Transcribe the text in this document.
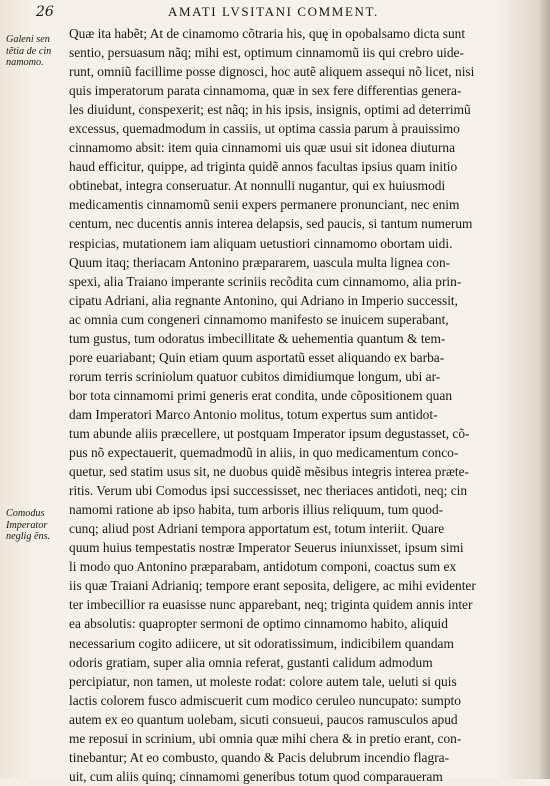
26	AMATI LVSITANI COMMENT.
Galeni sen tẽtia de cin namomo.
Comodus Imperator neglig ẽns.
Quæ ita habẽt; At de cinamomo cõtraria his, quę in opobalsamo dicta sunt
sentio, persuasum nãq; mihi est, optimum cinnamomũ iis qui crebro uide-
runt, omniũ facillime posse dignosci, hoc autẽ aliquem assequi nõ licet, nisi
quis imperatorum parata cinnamoma, quæ in sex fere differentias genera-
les diuidunt, conspexerit; est nãq; in his ipsis, insignis, optimi ad deterrimũ
excessus, quemadmodum in cassiis, ut optima cassia parum à prauissimo
cinnamomo absit: item quia cinnamomi uis quæ usui sit idonea diuturna
haud efficitur, quippe, ad triginta quidẽ annos facultas ipsius quam initio
obtinebat, integra conseruatur. At nonnulli nugantur, qui ex huiusmodi
medicamentis cinnamomũ senii expers permanere pronunciant, nec enim
centum, nec ducentis annis interea delapsis, sed paucis, si tantum numerum
respicias, mutationem iam aliquam uetustiori cinnamomo obortam uidi.
Quum itaq; theriacam Antonino præpararem, uascula multa lignea con-
spexi, alia Traiano imperante scriniis recõdita cum cinnamomo, alia prin-
cipatu Adriani, alia regnante Antonino, qui Adriano in Imperio successit,
ac omnia cum congeneri cinnamomo manifesto se inuicem superabant,
tum gustus, tum odoratus imbecillitate & uehementia quantum & tem-
pore euariabant; Quin etiam quum asportatũ esset aliquando ex barba-
rorum terris scriniolum quatuor cubitos dimidiumque longum, ubi ar-
bor tota cinnamomi primi generis erat condita, unde cõpositionem quan
dam Imperatori Marco Antonio molitus, totum expertus sum antidot-
tum abunde aliis præcellere, ut postquam Imperator ipsum degustasset, cõ-
pus nõ expectauerit, quemadmodũ in aliis, in quo medicamentum conco-
quetur, sed statim usus sit, ne duobus quidẽ mẽsibus integris interea præte-
ritis. Verum ubi Comodus ipsi successisset, nec theriaces antidoti, neq; cin
namomi ratione ab ipso habita, tum arboris illius reliquum, tum quod-
cunq; aliud post Adriani tempora apportatum est, totum interiit. Quare
quum huius tempestatis nostræ Imperator Seuerus iniunxisset, ipsum simi
li modo quo Antonino præparabam, antidotum componi, coactus sum ex
iis quæ Traiani Adrianiq; tempore erant seposita, deligere, ac mihi evidenter
ter imbecillior ra euasisse nunc apparebant, neq; triginta quidem annis inter
ea absolutis: quapropter sermoni de optimo cinnamomo habito, aliquid
necessarium cogito adiicere, ut sit odoratissimum, indicibilem quandam
odoris gratiam, super alia omnia referat, gustanti calidum admodum
percipiatur, non tamen, ut moleste rodat: colore autem tale, ueluti si quis
lactis colorem fusco admiscuerit cum modico ceruleo nuncupato: sumpto
autem ex eo quantum uolebam, sicuti consueui, paucos ramusculos apud
me reposui in scrinium, ubi omnia quæ mihi chera & in pretio erant, con-
tinebantur; At eo combusto, quando & Pacis delubrum incendio flagra-
uit, cum aliis quinq; cinnamomi generibus totum quod comparaueram
